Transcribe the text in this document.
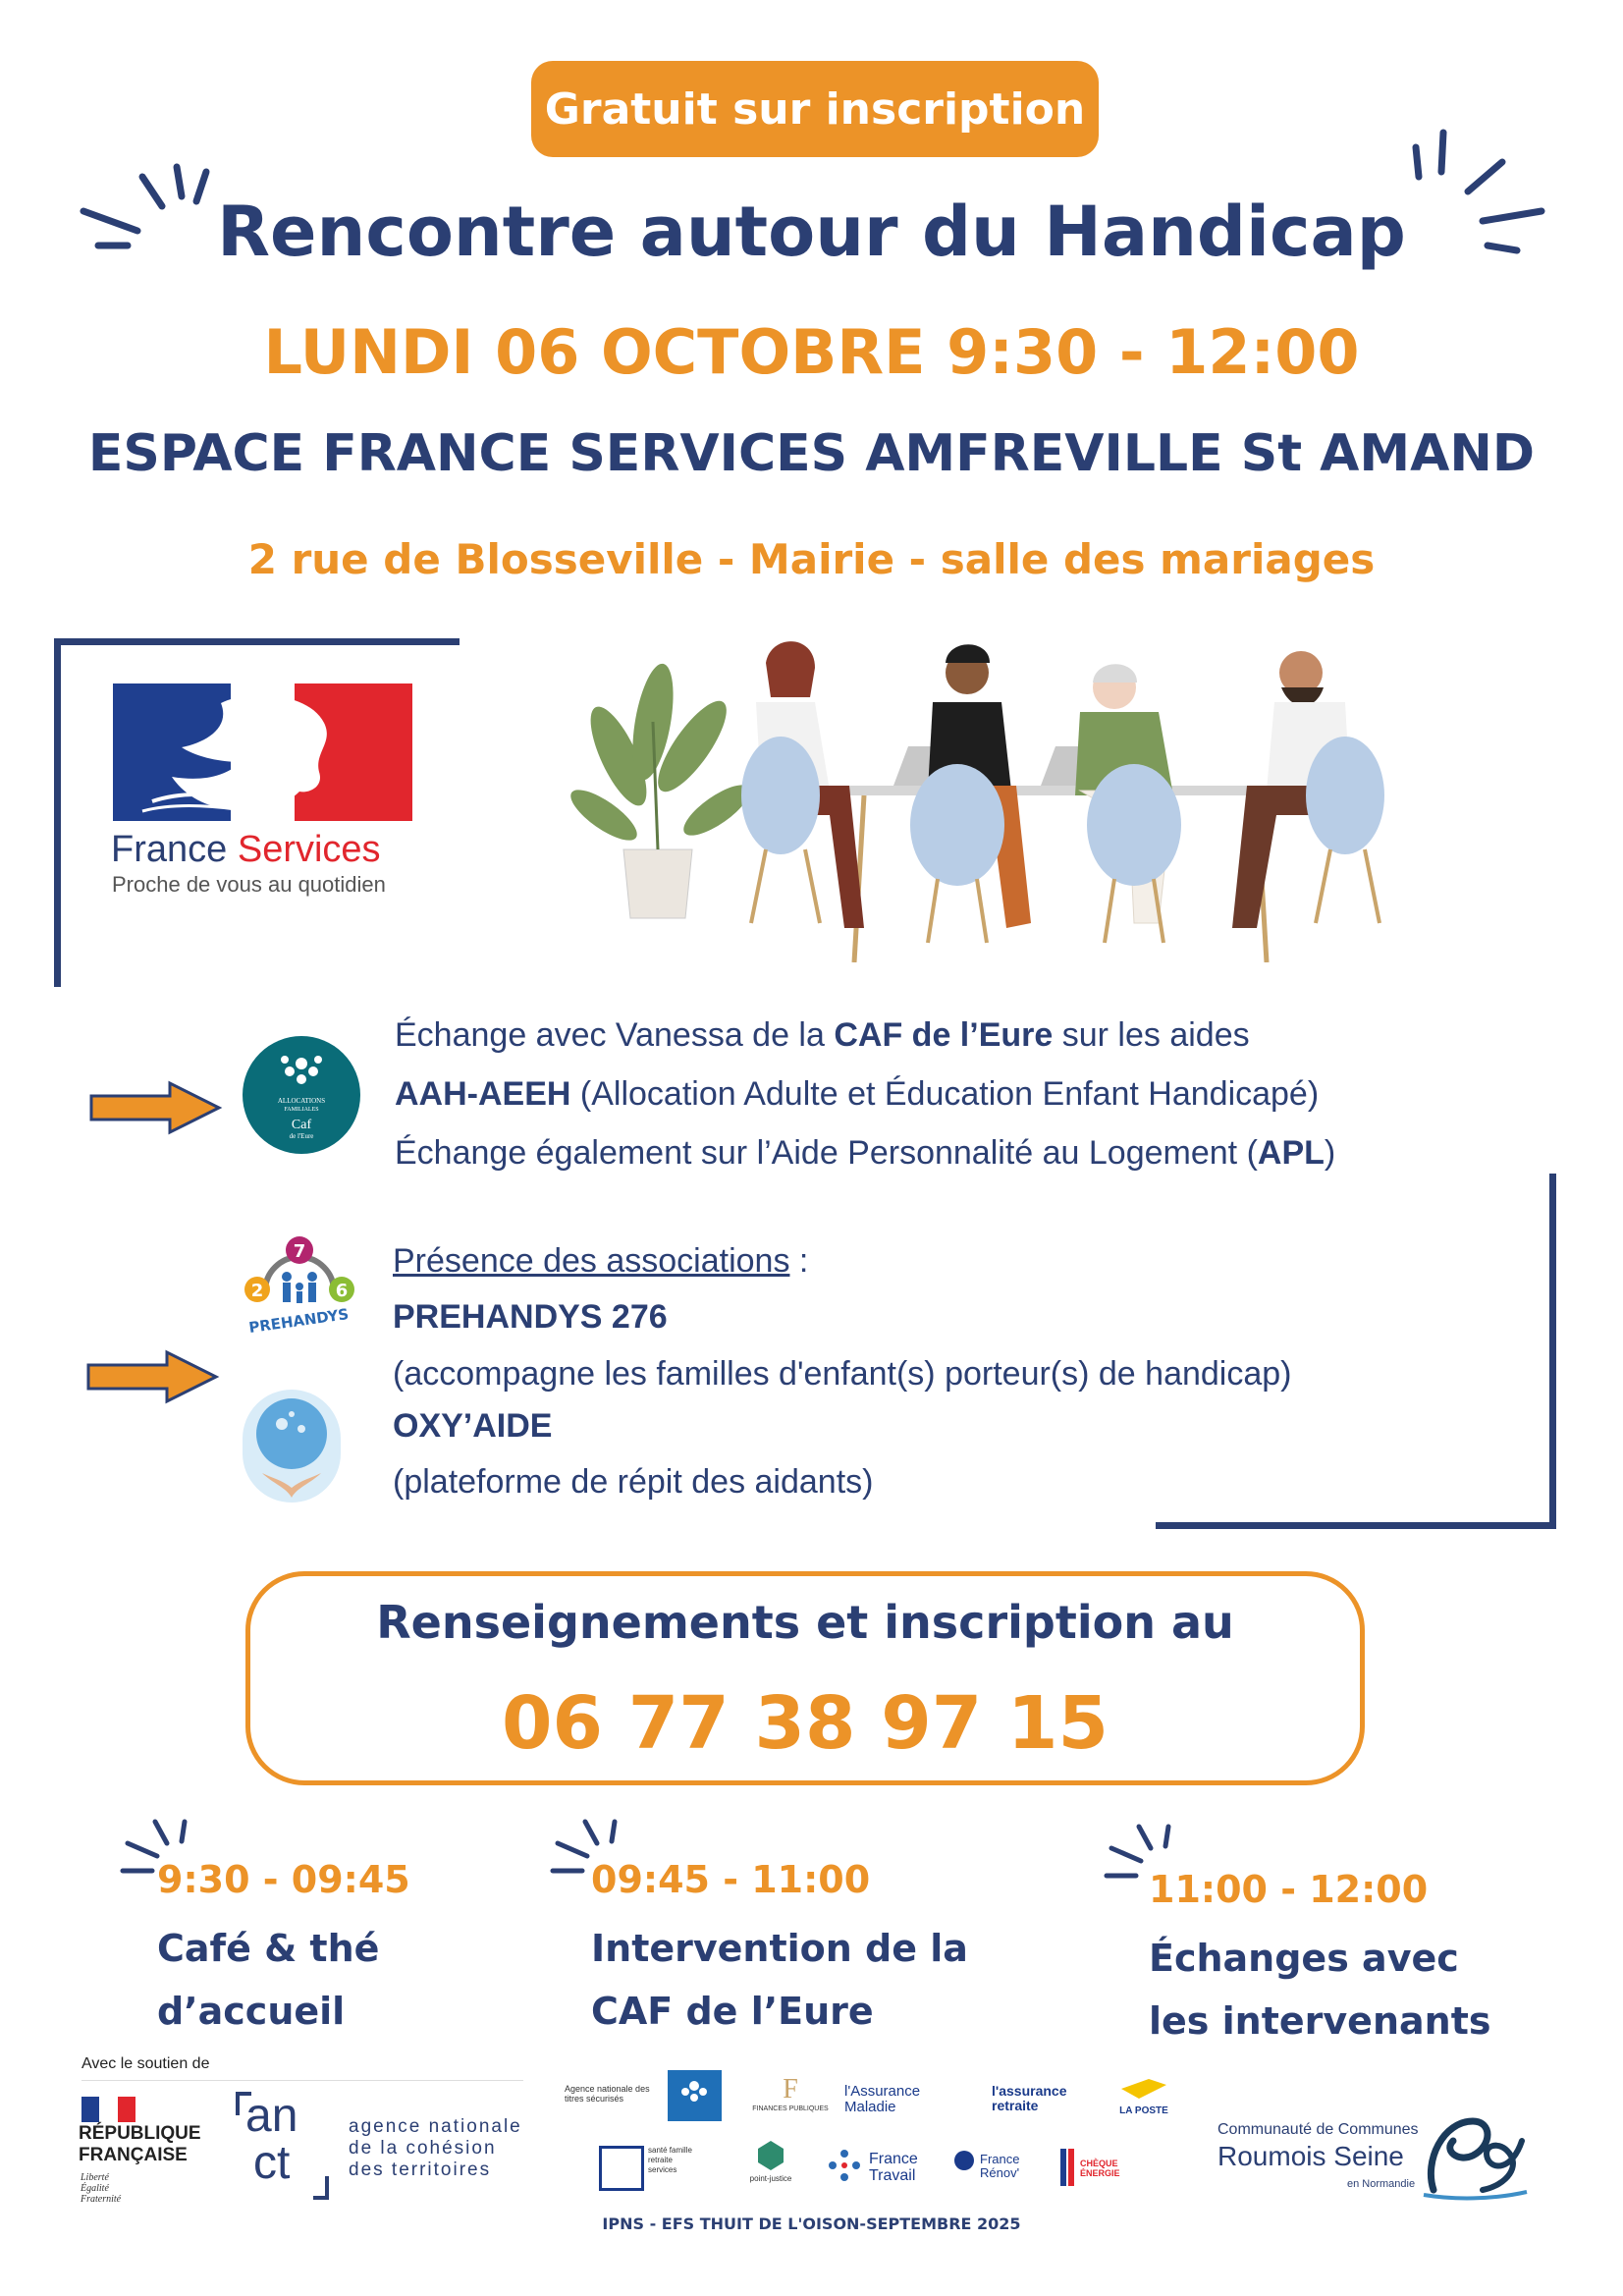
Gratuit sur inscription
Rencontre autour du Handicap
LUNDI 06 OCTOBRE 9:30 - 12:00
ESPACE FRANCE SERVICES AMFREVILLE St AMAND
2 rue de Blosseville - Mairie - salle des mariages
France Services
Proche de vous au quotidien
ALLOCATIONS
FAMILIALES
Caf
de l'Eure
Échange avec Vanessa de la CAF de l’Eure sur les aides
AAH-AEEH (Allocation Adulte et Éducation Enfant Handicapé)
Échange également sur l’Aide Personnalité au Logement (APL)
7
2	6
PREHANDYS
Présence des associations :
PREHANDYS 276
(accompagne les familles d'enfant(s) porteur(s) de handicap)
OXY’AIDE
(plateforme de répit des aidants)
Renseignements et inscription au
06 77 38 97 15
9:30 - 09:45
Café & thé
d’accueil
09:45 - 11:00
Intervention de la
CAF de l’Eure
11:00 - 12:00
Échanges avec
les intervenants
Avec le soutien de
RÉPUBLIQUE
FRANÇAISE
Liberté
Égalité
Fraternité
an
ct
agence nationale
de la cohésion
des territoires
Agence nationale des titres sécurisés	F
FINANCES PUBLIQUES
l'Assurance Maladie
l'assurance retraite	LA POSTE
santé famille retraite services
point-justice
France Travail
France Rénov'
CHÈQUE ÉNERGIE
Communauté de Communes
Roumois Seine
en Normandie
IPNS - EFS THUIT DE L'OISON-SEPTEMBRE 2025
